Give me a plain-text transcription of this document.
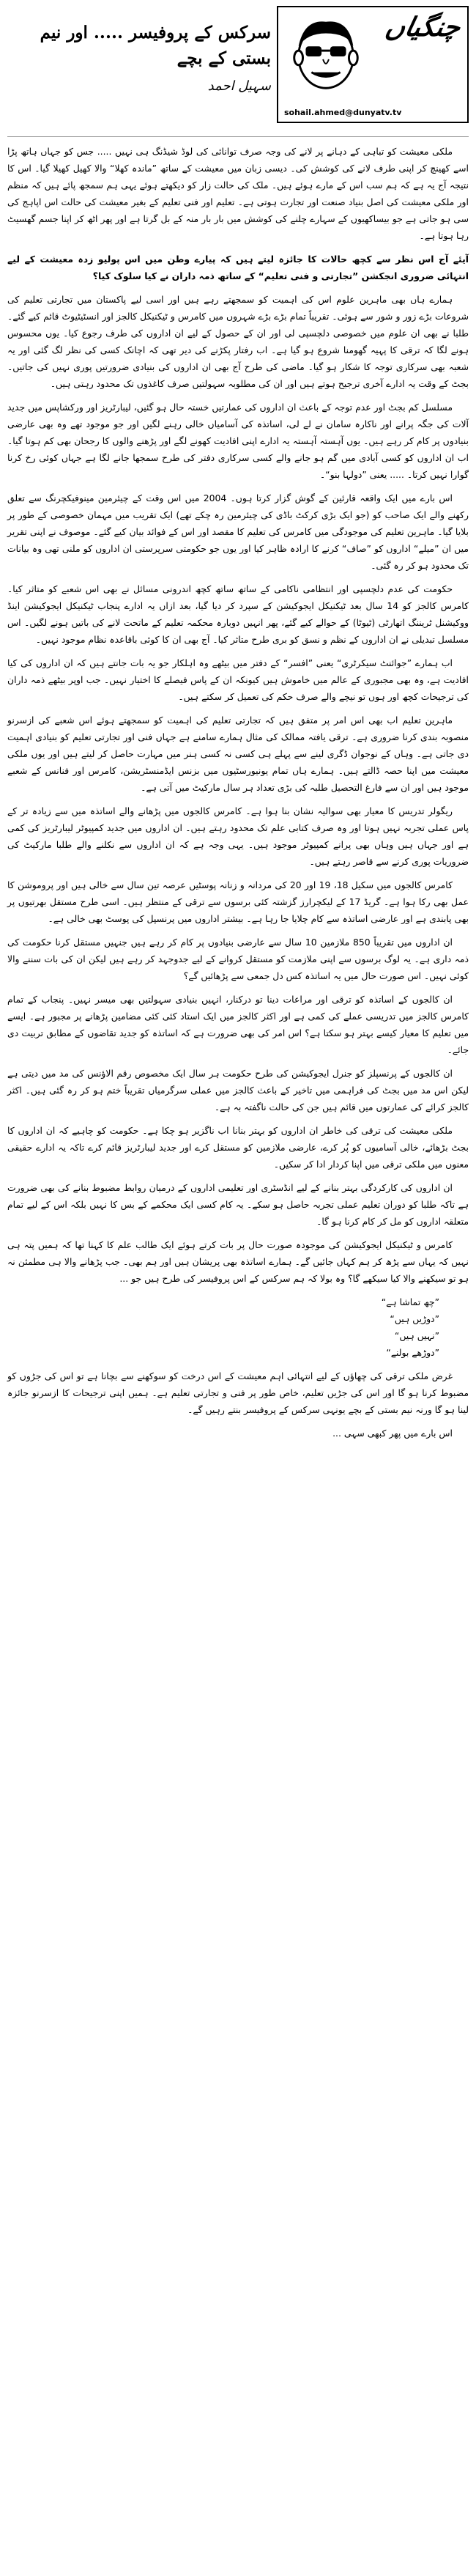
سرکس کے پروفیسر ..... اور نیم بستی کے بچے
سہیل احمد
چنگیاں
sohail.ahmed@dunyatv.tv

ملکی معیشت کو تباہی کے دہانے پر لانے کی وجہ صرف توانائی کی لوڈ شیڈنگ ہی نہیں ..... جس کو جہاں ہاتھ پڑا اسے کھینچ کر اپنی طرف لانے کی کوشش کی۔ دیسی زبان میں معیشت کے ساتھ ”ماندہ کھلا“ والا کھیل کھیلا گیا۔ اس کا نتیجہ آج یہ ہے کہ ہم سب اس کے مارے ہوئے ہیں۔ ملک کی حالت زار کو دیکھتے ہوئے یہی ہم سمجھ پائے ہیں کہ منظم اور ملکی معیشت کی اصل بنیاد صنعت اور تجارت ہوتی ہے۔ تعلیم اور فنی تعلیم کے بغیر معیشت کی حالت اس اپاہج کی سی ہو جاتی ہے جو بیساکھیوں کے سہارے چلنے کی کوشش میں بار بار منہ کے بل گرتا ہے اور پھر اٹھ کر اپنا جسم گھسیٹ رہا ہوتا ہے۔

آیئے آج اس نظر سے کچھ حالات کا جائزہ لیتے ہیں کہ پیارے وطن میں اس پولیو زدہ معیشت کے لیے انتہائی ضروری انجکشن ”تجارتی و فنی تعلیم“ کے ساتھ ذمہ داران نے کیا سلوک کیا؟

ہمارے ہاں بھی ماہرین علوم اس کی اہمیت کو سمجھتے رہے ہیں اور اسی لیے پاکستان میں تجارتی تعلیم کی شروعات بڑے زور و شور سے ہوئی۔ تقریباً تمام بڑے بڑے شہروں میں کامرس و ٹیکنیکل کالجز اور انسٹیٹیوٹ قائم کیے گئے۔ طلبا نے بھی ان علوم میں خصوصی دلچسپی لی اور ان کے حصول کے لیے ان اداروں کی طرف رجوع کیا۔ یوں محسوس ہونے لگا کہ ترقی کا پہیہ گھومنا شروع ہو گیا ہے۔ اب رفتار پکڑنے کی دیر تھی کہ اچانک کسی کی نظر لگ گئی اور یہ شعبہ بھی سرکاری توجہ کا شکار ہو گیا۔ ماضی کی طرح آج بھی ان اداروں کی بنیادی ضرورتیں پوری نہیں کی جاتیں۔ بجٹ کے وقت یہ ادارے آخری ترجیح ہوتے ہیں اور ان کی مطلوبہ سہولتیں صرف کاغذوں تک محدود رہتی ہیں۔

مسلسل کم بجٹ اور عدم توجہ کے باعث ان اداروں کی عمارتیں خستہ حال ہو گئیں، لیبارٹریز اور ورکشاپس میں جدید آلات کی جگہ پرانے اور ناکارہ سامان نے لے لی، اساتذہ کی آسامیاں خالی رہنے لگیں اور جو موجود تھے وہ بھی عارضی بنیادوں پر کام کر رہے ہیں۔ یوں آہستہ آہستہ یہ ادارے اپنی افادیت کھونے لگے اور پڑھنے والوں کا رجحان بھی کم ہوتا گیا۔ اب ان اداروں کو کسی آبادی میں گم ہو جانے والے کسی سرکاری دفتر کی طرح سمجھا جانے لگا ہے جہاں کوئی رخ کرنا گوارا نہیں کرتا۔ ..... یعنی ”دولہا بنو“۔

اس بارے میں ایک واقعہ قارئین کے گوش گزار کرتا ہوں۔ 2004 میں اس وقت کے چیئرمین مینوفیکچرنگ سے تعلق رکھنے والے ایک صاحب کو (جو ایک بڑی کرکٹ باڈی کی چیئرمین رہ چکے تھے) ایک تقریب میں مہمان خصوصی کے طور پر بلایا گیا۔ ماہرین تعلیم کی موجودگی میں کامرس کی تعلیم کا مقصد اور اس کے فوائد بیان کیے گئے۔ موصوف نے اپنی تقریر میں ان ”میلے“ اداروں کو ”صاف“ کرنے کا ارادہ ظاہر کیا اور یوں جو حکومتی سرپرستی ان اداروں کو ملنی تھی وہ بیانات تک محدود ہو کر رہ گئی۔

حکومت کی عدم دلچسپی اور انتظامی ناکامی کے ساتھ ساتھ کچھ اندرونی مسائل نے بھی اس شعبے کو متاثر کیا۔ کامرس کالجز کو 14 سال بعد ٹیکنیکل ایجوکیشن کے سپرد کر دیا گیا، بعد ازاں یہ ادارے پنجاب ٹیکنیکل ایجوکیشن اینڈ ووکیشنل ٹریننگ اتھارٹی (ٹیوٹا) کے حوالے کیے گئے، پھر انہیں دوبارہ محکمہ تعلیم کے ماتحت لانے کی باتیں ہونے لگیں۔ اس مسلسل تبدیلی نے ان اداروں کے نظم و نسق کو بری طرح متاثر کیا۔ آج بھی ان کا کوئی باقاعدہ نظام موجود نہیں۔

اب ہمارے ”جوائنٹ سیکرٹری“ یعنی ”افسر“ کے دفتر میں بیٹھے وہ اہلکار جو یہ بات جانتے ہیں کہ ان اداروں کی کیا افادیت ہے، وہ بھی مجبوری کے عالم میں خاموش ہیں کیونکہ ان کے پاس فیصلے کا اختیار نہیں۔ جب اوپر بیٹھے ذمہ داران کی ترجیحات کچھ اور ہوں تو نیچے والے صرف حکم کی تعمیل کر سکتے ہیں۔

ماہرین تعلیم اب بھی اس امر پر متفق ہیں کہ تجارتی تعلیم کی اہمیت کو سمجھتے ہوئے اس شعبے کی ازسرنو منصوبہ بندی کرنا ضروری ہے۔ ترقی یافتہ ممالک کی مثال ہمارے سامنے ہے جہاں فنی اور تجارتی تعلیم کو بنیادی اہمیت دی جاتی ہے۔ وہاں کے نوجوان ڈگری لینے سے پہلے ہی کسی نہ کسی ہنر میں مہارت حاصل کر لیتے ہیں اور یوں ملکی معیشت میں اپنا حصہ ڈالتے ہیں۔ ہمارے ہاں تمام یونیورسٹیوں میں بزنس ایڈمنسٹریشن، کامرس اور فنانس کے شعبے موجود ہیں اور ان سے فارغ التحصیل طلبہ کی بڑی تعداد ہر سال مارکیٹ میں آتی ہے۔

ریگولر تدریس کا معیار بھی سوالیہ نشان بنا ہوا ہے۔ کامرس کالجوں میں پڑھانے والے اساتذہ میں سے زیادہ تر کے پاس عملی تجربہ نہیں ہوتا اور وہ صرف کتابی علم تک محدود رہتے ہیں۔ ان اداروں میں جدید کمپیوٹر لیبارٹریز کی کمی ہے اور جہاں ہیں وہاں بھی پرانے کمپیوٹر موجود ہیں۔ یہی وجہ ہے کہ ان اداروں سے نکلنے والے طلبا مارکیٹ کی ضروریات پوری کرنے سے قاصر رہتے ہیں۔

کامرس کالجوں میں سکیل 18، 19 اور 20 کی مردانہ و زنانہ پوسٹیں عرصہ تین سال سے خالی ہیں اور پروموشن کا عمل بھی رکا ہوا ہے۔ گریڈ 17 کے لیکچرارز گزشتہ کئی برسوں سے ترقی کے منتظر ہیں۔ اسی طرح مستقل بھرتیوں پر بھی پابندی ہے اور عارضی اساتذہ سے کام چلایا جا رہا ہے۔ بیشتر اداروں میں پرنسپل کی پوسٹ بھی خالی ہے۔

ان اداروں میں تقریباً 850 ملازمین 10 سال سے عارضی بنیادوں پر کام کر رہے ہیں جنہیں مستقل کرنا حکومت کی ذمہ داری ہے۔ یہ لوگ برسوں سے اپنی ملازمت کو مستقل کروانے کے لیے جدوجہد کر رہے ہیں لیکن ان کی بات سننے والا کوئی نہیں۔ اس صورت حال میں یہ اساتذہ کس دل جمعی سے پڑھائیں گے؟

ان کالجوں کے اساتذہ کو ترقی اور مراعات دینا تو درکنار، انہیں بنیادی سہولتیں بھی میسر نہیں۔ پنجاب کے تمام کامرس کالجز میں تدریسی عملے کی کمی ہے اور اکثر کالجز میں ایک استاد کئی کئی مضامین پڑھانے پر مجبور ہے۔ ایسے میں تعلیم کا معیار کیسے بہتر ہو سکتا ہے؟ اس امر کی بھی ضرورت ہے کہ اساتذہ کو جدید تقاضوں کے مطابق تربیت دی جائے۔

ان کالجوں کے پرنسپلز کو جنرل ایجوکیشن کی طرح حکومت ہر سال ایک مخصوص رقم الاؤنس کی مد میں دیتی ہے لیکن اس مد میں بجٹ کی فراہمی میں تاخیر کے باعث کالجز میں عملی سرگرمیاں تقریباً ختم ہو کر رہ گئی ہیں۔ اکثر کالجز کرائے کی عمارتوں میں قائم ہیں جن کی حالت ناگفتہ بہ ہے۔

ملکی معیشت کی ترقی کی خاطر ان اداروں کو بہتر بنانا اب ناگزیر ہو چکا ہے۔ حکومت کو چاہیے کہ ان اداروں کا بجٹ بڑھائے، خالی آسامیوں کو پُر کرے، عارضی ملازمین کو مستقل کرے اور جدید لیبارٹریز قائم کرے تاکہ یہ ادارے حقیقی معنوں میں ملکی ترقی میں اپنا کردار ادا کر سکیں۔

ان اداروں کی کارکردگی بہتر بنانے کے لیے انڈسٹری اور تعلیمی اداروں کے درمیان روابط مضبوط بنانے کی بھی ضرورت ہے تاکہ طلبا کو دوران تعلیم عملی تجربہ حاصل ہو سکے۔ یہ کام کسی ایک محکمے کے بس کا نہیں بلکہ اس کے لیے تمام متعلقہ اداروں کو مل کر کام کرنا ہو گا۔

کامرس و ٹیکنیکل ایجوکیشن کی موجودہ صورت حال پر بات کرتے ہوئے ایک طالب علم کا کہنا تھا کہ ہمیں پتہ ہی نہیں کہ یہاں سے پڑھ کر ہم کہاں جائیں گے۔ ہمارے اساتذہ بھی پریشان ہیں اور ہم بھی۔ جب پڑھانے والا ہی مطمئن نہ ہو تو سیکھنے والا کیا سیکھے گا؟ وہ بولا کہ ہم سرکس کے اس پروفیسر کی طرح ہیں جو ...

”چھ تماشا ہے“
”دوڑیں ہیں“
”نہیں ہیں“
”دوڑھے بولنے“

غرض ملکی ترقی کی چھاؤں کے لیے انتہائی اہم معیشت کے اس درخت کو سوکھنے سے بچانا ہے تو اس کی جڑوں کو مضبوط کرنا ہو گا اور اس کی جڑیں تعلیم، خاص طور پر فنی و تجارتی تعلیم ہے۔ ہمیں اپنی ترجیحات کا ازسرنو جائزہ لینا ہو گا ورنہ نیم بستی کے بچے یونہی سرکس کے پروفیسر بنتے رہیں گے۔

اس بارے میں پھر کبھی سہی ...
